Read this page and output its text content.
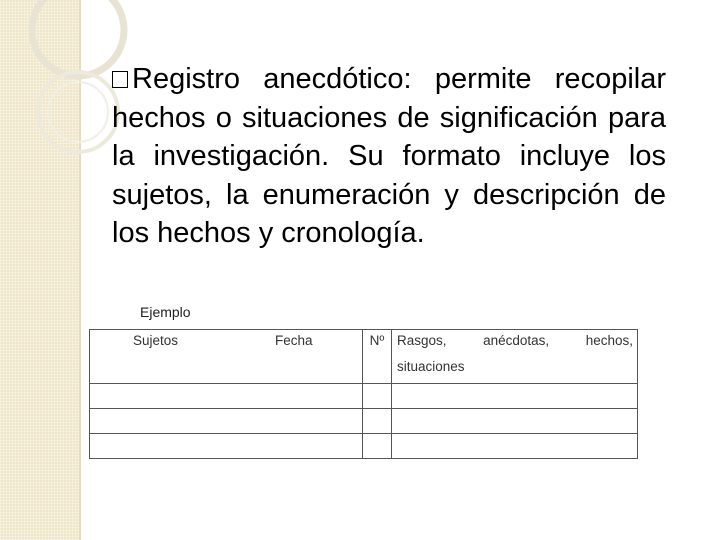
Registro anecdótico: permite recopilar hechos o situaciones de significación para la investigación. Su formato incluye los sujetos, la enumeración y descripción de los hechos y cronología.

Ejemplo
Sujetos Fecha	Nº	Rasgos, anécdotas, hechos,
situaciones
